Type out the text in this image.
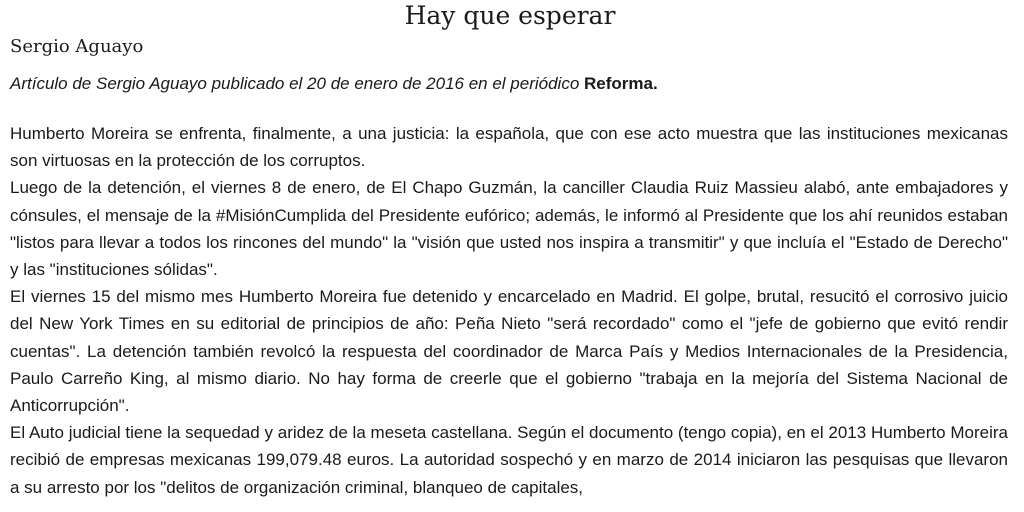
Hay que esperar
Sergio Aguayo
Artículo de Sergio Aguayo publicado el 20 de enero de 2016 en el periódico Reforma.

Humberto Moreira se enfrenta, finalmente, a una justicia: la española, que con ese acto muestra que las instituciones mexicanas son virtuosas en la protección de los corruptos.

Luego de la detención, el viernes 8 de enero, de El Chapo Guzmán, la canciller Claudia Ruiz Massieu alabó, ante embajadores y cónsules, el mensaje de la #MisiónCumplida del Presidente eufórico; además, le informó al Presidente que los ahí reunidos estaban "listos para llevar a todos los rincones del mundo" la "visión que usted nos inspira a transmitir" y que incluía el "Estado de Derecho" y las "instituciones sólidas".

El viernes 15 del mismo mes Humberto Moreira fue detenido y encarcelado en Madrid. El golpe, brutal, resucitó el corrosivo juicio del New York Times en su editorial de principios de año: Peña Nieto "será recordado" como el "jefe de gobierno que evitó rendir cuentas". La detención también revolcó la respuesta del coordinador de Marca País y Medios Internacionales de la Presidencia, Paulo Carreño King, al mismo diario. No hay forma de creerle que el gobierno "trabaja en la mejoría del Sistema Nacional de Anticorrupción".

El Auto judicial tiene la sequedad y aridez de la meseta castellana. Según el documento (tengo copia), en el 2013 Humberto Moreira recibió de empresas mexicanas 199,079.48 euros. La autoridad sospechó y en marzo de 2014 iniciaron las pesquisas que llevaron a su arresto por los "delitos de organización criminal, blanqueo de capitales,
